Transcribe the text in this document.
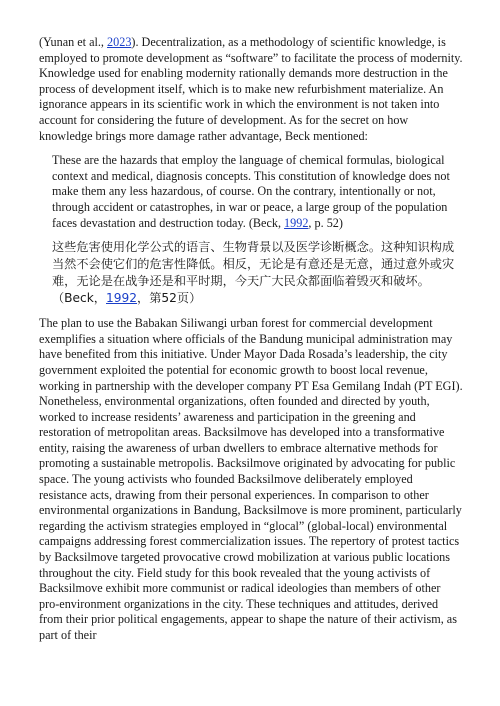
(Yunan et al., 2023). Decentralization, as a methodology of scientific knowledge, is employed to promote development as “software” to facilitate the process of modernity. Knowledge used for enabling modernity rationally demands more destruction in the process of development itself, which is to make new refurbishment materialize. An ignorance appears in its scientific work in which the environment is not taken into account for considering the future of development. As for the secret on how knowledge brings more damage rather advantage, Beck mentioned:

These are the hazards that employ the language of chemical formulas, biological context and medical, diagnosis concepts. This constitution of knowledge does not make them any less hazardous, of course. On the contrary, intentionally or not, through accident or catastrophes, in war or peace, a large group of the population faces devastation and destruction today. (Beck, 1992, p. 52)

这些危害使用化学公式的语言、生物背景以及医学诊断概念。这种知识构成当然不会使它们的危害性降低。相反，无论是有意还是无意，通过意外或灾难，无论是在战争还是和平时期，今天广大民众都面临着毁灭和破坏。（Beck，1992，第52页）

The plan to use the Babakan Siliwangi urban forest for commercial development exemplifies a situation where officials of the Bandung municipal administration may have benefited from this initiative. Under Mayor Dada Rosada’s leadership, the city government exploited the potential for economic growth to boost local revenue, working in partnership with the developer company PT Esa Gemilang Indah (PT EGI). Nonetheless, environmental organizations, often founded and directed by youth, worked to increase residents’ awareness and participation in the greening and restoration of metropolitan areas. Backsilmove has developed into a transformative entity, raising the awareness of urban dwellers to embrace alternative methods for promoting a sustainable metropolis. Backsilmove originated by advocating for public space. The young activists who founded Backsilmove deliberately employed resistance acts, drawing from their personal experiences. In comparison to other environmental organizations in Bandung, Backsilmove is more prominent, particularly regarding the activism strategies employed in “glocal” (global-local) environmental campaigns addressing forest commercialization issues. The repertory of protest tactics by Backsilmove targeted provocative crowd mobilization at various public locations throughout the city. Field study for this book revealed that the young activists of Backsilmove exhibit more communist or radical ideologies than members of other pro-environment organizations in the city. These techniques and attitudes, derived from their prior political engagements, appear to shape the nature of their activism, as part of their
